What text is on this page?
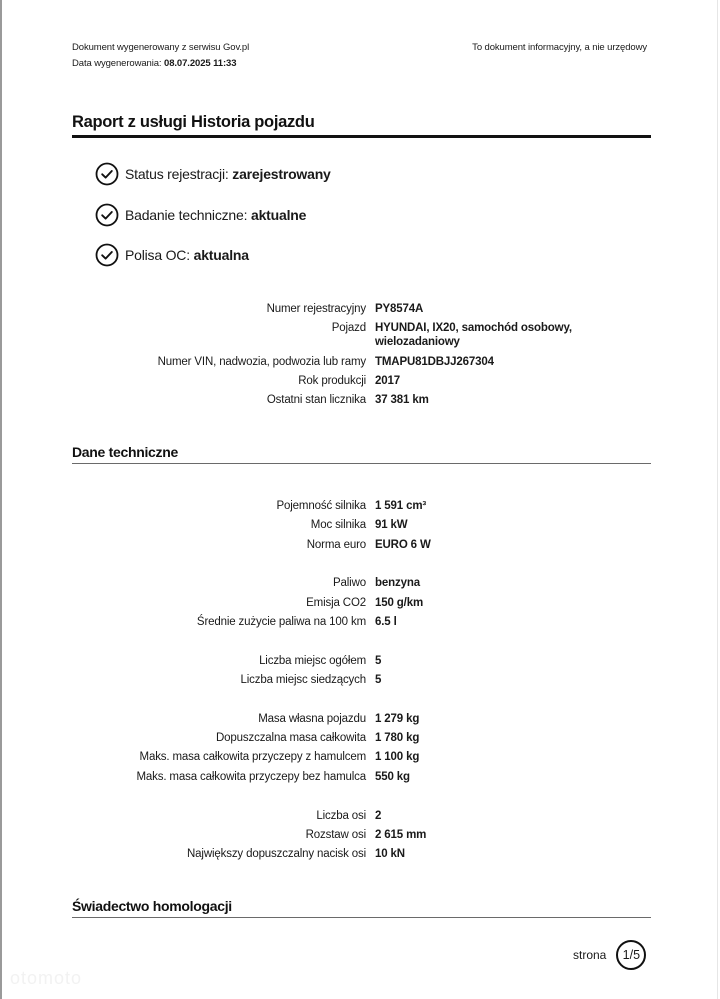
Dokument wygenerowany z serwisu Gov.pl
Data wygenerowania: 08.07.2025 11:33
To dokument informacyjny, a nie urzędowy
Raport z usługi Historia pojazdu
Status rejestracji:
zarejestrowany
Badanie techniczne:
aktualne
Polisa OC:
aktualna
Numer rejestracyjny PY8574A
Pojazd HYUNDAI, IX20, samochód osobowy, wielozadaniowy
Numer VIN, nadwozia, podwozia lub ramy TMAPU81DBJJ267304
Rok produkcji 2017
Ostatni stan licznika 37 381 km
Dane techniczne
Pojemność silnika 1 591 cm³
Moc silnika 91 kW
Norma euro EURO 6 W
Paliwo benzyna
Emisja CO2 150 g/km
Średnie zużycie paliwa na 100 km 6.5 l
Liczba miejsc ogółem 5
Liczba miejsc siedzących 5
Masa własna pojazdu 1 279 kg
Dopuszczalna masa całkowita 1 780 kg
Maks. masa całkowita przyczepy z hamulcem 1 100 kg
Maks. masa całkowita przyczepy bez hamulca 550 kg
Liczba osi 2
Rozstaw osi 2 615 mm
Największy dopuszczalny nacisk osi 10 kN
Świadectwo homologacji
strona	1/5
otomoto
